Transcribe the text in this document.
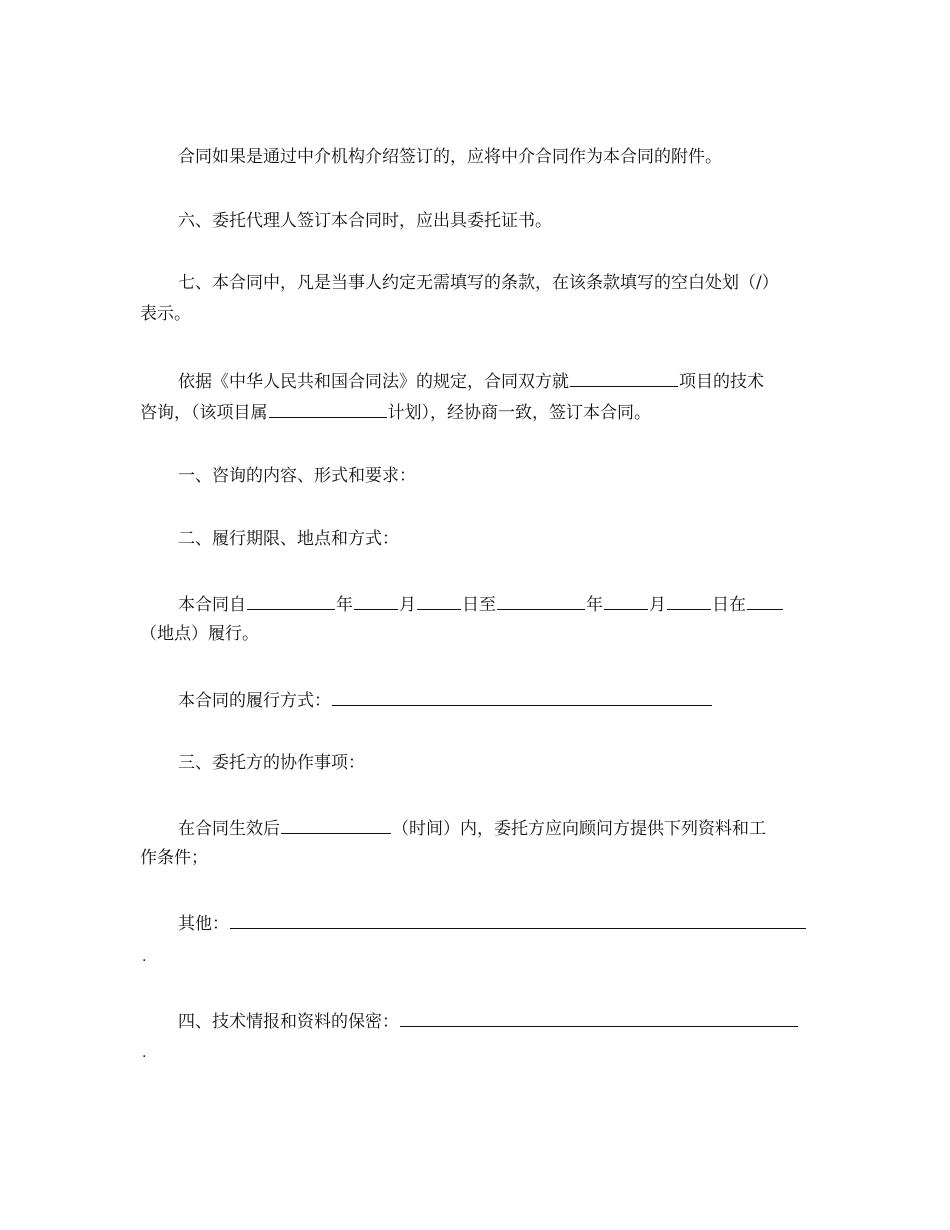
合同如果是通过中介机构介绍签订的，应将中介合同作为本合同的附件。
六、委托代理人签订本合同时，应出具委托证书。
七、本合同中，凡是当事人约定无需填写的条款，在该条款填写的空白处划（/）
表示。
依据《中华人民共和国合同法》的规定，合同双方就	项目的技术
咨询，（该项目属	计划），经协商一致，签订本合同。
一、咨询的内容、形式和要求：
二、履行期限、地点和方式：
本合同自	年	月	日至	年	月	日在
（地点）履行。
本合同的履行方式：
三、委托方的协作事项：
在合同生效后	（时间）内，委托方应向顾问方提供下列资料和工
作条件；
其他：
.
四、技术情报和资料的保密：
.
